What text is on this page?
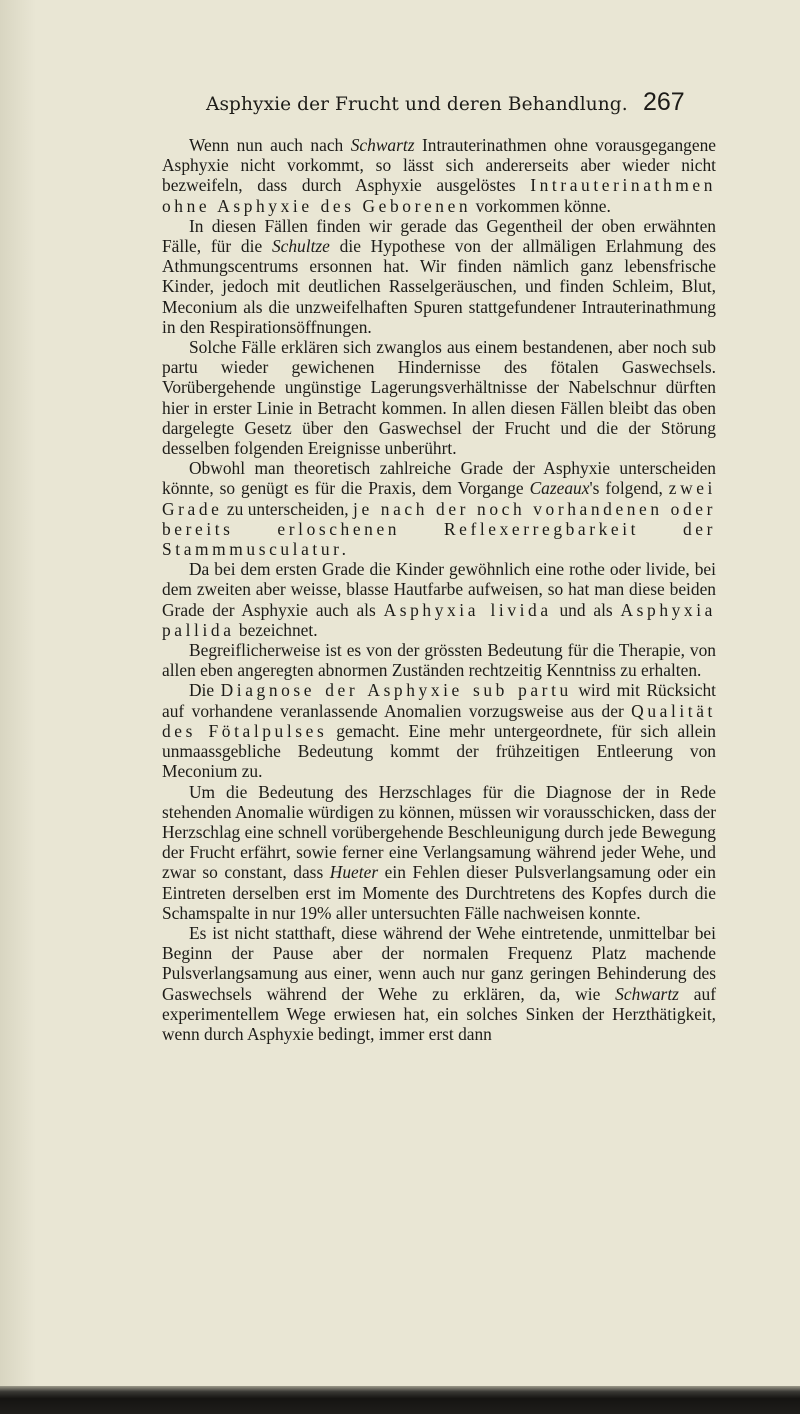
Asphyxie der Frucht und deren Behandlung. 267

Wenn nun auch nach Schwartz Intrauterinathmen ohne vorausgegangene Asphyxie nicht vorkommt, so lässt sich andererseits aber wieder nicht bezweifeln, dass durch Asphyxie ausgelöstes Intrauterinathmen ohne Asphyxie des Geborenen vorkommen könne.

In diesen Fällen finden wir gerade das Gegentheil der oben erwähnten Fälle, für die Schultze die Hypothese von der allmäligen Erlahmung des Athmungscentrums ersonnen hat. Wir finden nämlich ganz lebensfrische Kinder, jedoch mit deutlichen Rasselgeräuschen, und finden Schleim, Blut, Meconium als die unzweifelhaften Spuren stattgefundener Intrauterinathmung in den Respirationsöffnungen.

Solche Fälle erklären sich zwanglos aus einem bestandenen, aber noch sub partu wieder gewichenen Hindernisse des fötalen Gaswechsels. Vorübergehende ungünstige Lagerungsverhältnisse der Nabelschnur dürften hier in erster Linie in Betracht kommen. In allen diesen Fällen bleibt das oben dargelegte Gesetz über den Gaswechsel der Frucht und die der Störung desselben folgenden Ereignisse unberührt.

Obwohl man theoretisch zahlreiche Grade der Asphyxie unterscheiden könnte, so genügt es für die Praxis, dem Vorgange Cazeaux's folgend, zwei Grade zu unterscheiden, je nach der noch vorhandenen oder bereits erloschenen Reflexerregbarkeit der Stammmusculatur.

Da bei dem ersten Grade die Kinder gewöhnlich eine rothe oder livide, bei dem zweiten aber weisse, blasse Hautfarbe aufweisen, so hat man diese beiden Grade der Asphyxie auch als Asphyxia livida und als Asphyxia pallida bezeichnet.

Begreiflicherweise ist es von der grössten Bedeutung für die Therapie, von allen eben angeregten abnormen Zuständen rechtzeitig Kenntniss zu erhalten.

Die Diagnose der Asphyxie sub partu wird mit Rücksicht auf vorhandene veranlassende Anomalien vorzugsweise aus der Qualität des Fötalpulses gemacht. Eine mehr untergeordnete, für sich allein unmaassgebliche Bedeutung kommt der frühzeitigen Entleerung von Meconium zu.

Um die Bedeutung des Herzschlages für die Diagnose der in Rede stehenden Anomalie würdigen zu können, müssen wir vorausschicken, dass der Herzschlag eine schnell vorübergehende Beschleunigung durch jede Bewegung der Frucht erfährt, sowie ferner eine Verlangsamung während jeder Wehe, und zwar so constant, dass Hueter ein Fehlen dieser Pulsverlangsamung oder ein Eintreten derselben erst im Momente des Durchtretens des Kopfes durch die Schamspalte in nur 19% aller untersuchten Fälle nachweisen konnte.

Es ist nicht statthaft, diese während der Wehe eintretende, unmittelbar bei Beginn der Pause aber der normalen Frequenz Platz machende Pulsverlangsamung aus einer, wenn auch nur ganz geringen Behinderung des Gaswechsels während der Wehe zu erklären, da, wie Schwartz auf experimentellem Wege erwiesen hat, ein solches Sinken der Herzthätigkeit, wenn durch Asphyxie bedingt, immer erst dann
